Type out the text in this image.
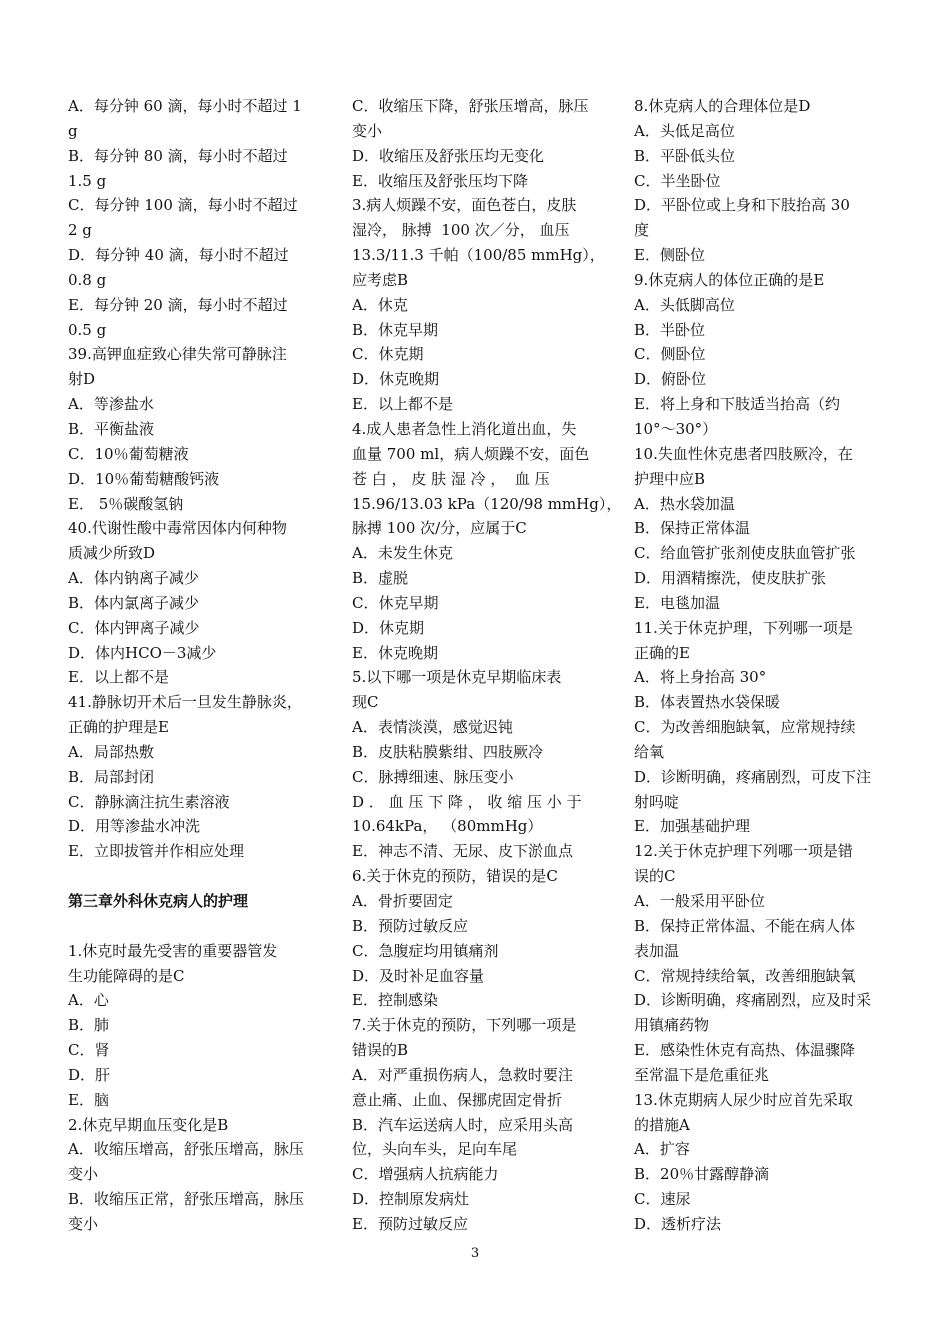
A．每分钟 60 滴，每小时不超过 1
g
B．每分钟 80 滴，每小时不超过
1.5 g
C．每分钟 100 滴，每小时不超过
2 g
D．每分钟 40 滴，每小时不超过
0.8 g
E．每分钟 20 滴，每小时不超过
0.5 g
39.高钾血症致心律失常可静脉注
射D
A．等渗盐水
B．平衡盐液
C．10％葡萄糖液
D．10％葡萄糖酸钙液
E． 5％碳酸氢钠
40.代谢性酸中毒常因体内何种物
质减少所致D
A．体内钠离子减少
B．体内氯离子减少
C．体内钾离子减少
D．体内HCO－3减少
E．以上都不是
41.静脉切开术后一旦发生静脉炎，
正确的护理是E
A．局部热敷
B．局部封闭
C．静脉滴注抗生素溶液
D．用等渗盐水冲洗
E．立即拔管并作相应处理
第三章外科休克病人的护理
1.休克时最先受害的重要器管发
生功能障碍的是C
A．心
B．肺
C．肾
D．肝
E．脑
2.休克早期血压变化是B
A．收缩压增高，舒张压增高，脉压
变小
B．收缩压正常，舒张压增高，脉压
变小
C．收缩压下降，舒张压增高，脉压
变小
D．收缩压及舒张压均无变化
E．收缩压及舒张压均下降
3.病人烦躁不安，面色苍白，皮肤
湿冷， 脉搏  100 次／分， 血压
13.3/11.3 千帕（100/85 mmHg），
应考虑B
A．休克
B．休克早期
C．休克期
D．休克晚期
E．以上都不是
4.成人患者急性上消化道出血，失
血量 700 ml，病人烦躁不安，面色
苍 白 ， 皮 肤 湿 冷 ，  血 压
15.96/13.03 kPa（120/98 mmHg），
脉搏 100 次/分，应属于C
A．未发生休克
B．虚脱
C．休克早期
D．休克期
E．休克晚期
5.以下哪一项是休克早期临床表
现C
A．表情淡漠，感觉迟钝
B．皮肤粘膜紫绀、四肢厥冷
C．脉搏细速、脉压变小
D ． 血 压 下 降 ， 收 缩 压 小 于
10.64kPa， （80mmHg）
E．神志不清、无尿、皮下淤血点
6.关于休克的预防，错误的是C
A．骨折要固定
B．预防过敏反应
C．急腹症均用镇痛剂
D．及时补足血容量
E．控制感染
7.关于休克的预防，下列哪一项是
错误的B
A．对严重损伤病人，急救时要注
意止痛、止血、保挪虎固定骨折
B．汽车运送病人时，应采用头高
位，头向车头，足向车尾
C．增强病人抗病能力
D．控制原发病灶
E．预防过敏反应
8.休克病人的合理体位是D
A．头低足高位
B．平卧低头位
C．半坐卧位
D．平卧位或上身和下肢抬高 30
度
E．侧卧位
9.休克病人的体位正确的是E
A．头低脚高位
B．半卧位
C．侧卧位
D．俯卧位
E．将上身和下肢适当抬高（约
10°～30°）
10.失血性休克患者四肢厥冷，在
护理中应B
A．热水袋加温
B．保持正常体温
C．给血管扩张剂使皮肤血管扩张
D．用酒精擦洗，使皮肤扩张
E．电毯加温
11.关于休克护理，下列哪一项是
正确的E
A．将上身抬高 30°
B．体表置热水袋保暖
C．为改善细胞缺氧，应常规持续
给氧
D．诊断明确，疼痛剧烈，可皮下注
射吗啶
E．加强基础护理
12.关于休克护理下列哪一项是错
误的C
A．一般采用平卧位
B．保持正常体温、不能在病人体
表加温
C．常规持续给氧，改善细胞缺氧
D．诊断明确，疼痛剧烈，应及时采
用镇痛药物
E．感染性休克有高热、体温骤降
至常温下是危重征兆
13.休克期病人尿少时应首先采取
的措施A
A．扩容
B．20％甘露醇静滴
C．速尿
D．透析疗法
3
